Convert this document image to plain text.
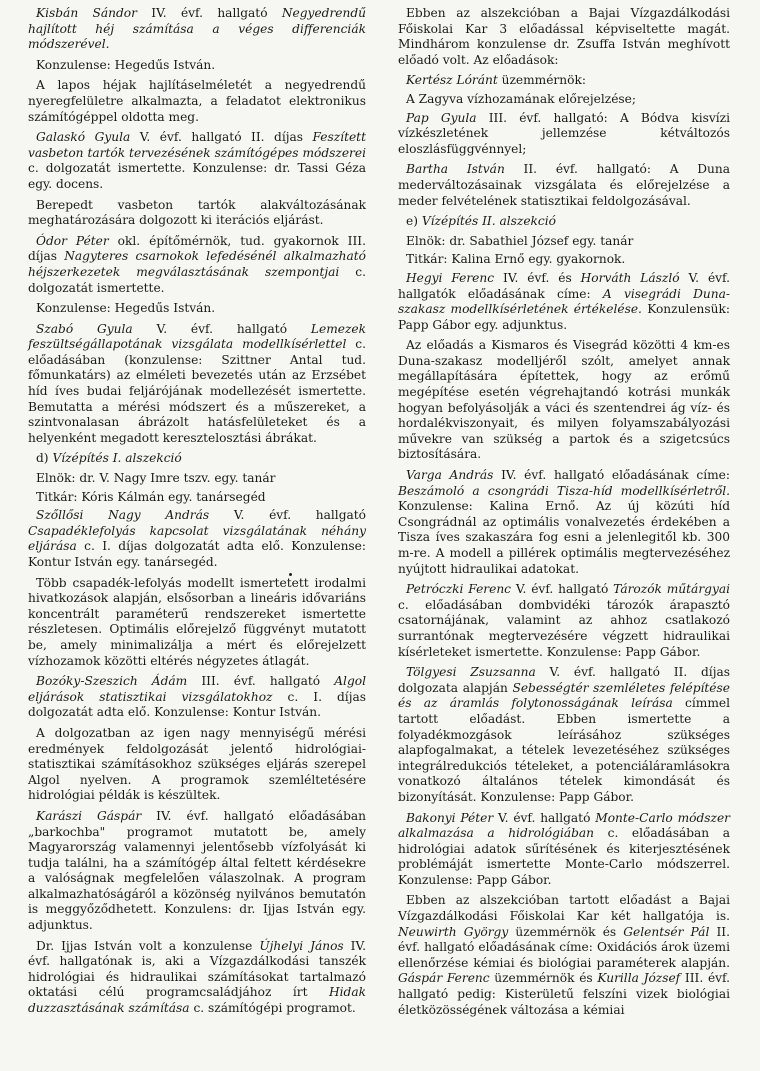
Kisbán Sándor IV. évf. hallgató Negyedrendű hajlított héj számítása a véges differenciák módszerével.

Konzulense: Hegedűs István.

A lapos héjak hajlításelméletét a negyedrendű nyeregfelületre alkalmazta, a feladatot elektronikus számítógéppel oldotta meg.

Galaskó Gyula V. évf. hallgató II. díjas Feszített vasbeton tartók tervezésének számítógépes módszerei c. dolgozatát ismertette. Konzulense: dr. Tassi Géza egy. docens.

Berepedt vasbeton tartók alakváltozásának meghatározására dolgozott ki iterációs eljárást.

Ódor Péter okl. építőmérnök, tud. gyakornok III. díjas Nagyteres csarnokok lefedésénél alkalmazható héjszerkezetek megválasztásának szempontjai c. dolgozatát ismertette.

Konzulense: Hegedűs István.

Szabó Gyula V. évf. hallgató Lemezek feszültségállapotának vizsgálata modellkísérlettel c. előadásában (konzulense: Szittner Antal tud. főmunkatárs) az elméleti bevezetés után az Erzsébet híd íves budai feljárójának modellezését ismertette. Bemutatta a mérési módszert és a műszereket, a szintvonalasan ábrázolt hatásfelületeket és a helyenként megadott keresztelosztási ábrákat.

d) Vízépítés I. alszekció

Elnök: dr. V. Nagy Imre tszv. egy. tanár

Titkár: Kóris Kálmán egy. tanársegéd

Szőllősi Nagy András V. évf. hallgató Csapadéklefolyás kapcsolat vizsgálatának néhány eljárása c. I. díjas dolgozatát adta elő. Konzulense: Kontur István egy. tanársegéd.

Több csapadék-lefolyás modellt ismertetett irodalmi hivatkozások alapján, elsősorban a lineáris idővariáns koncentrált paraméterű rendszereket ismertette részletesen. Optimális előrejelző függvényt mutatott be, amely minimalizálja a mért és előrejelzett vízhozamok közötti eltérés négyzetes átlagát.

Bozóky-Szeszich Ádám III. évf. hallgató Algol eljárások statisztikai vizsgálatokhoz c. I. díjas dolgozatát adta elő. Konzulense: Kontur István.

A dolgozatban az igen nagy mennyiségű mérési eredmények feldolgozását jelentő hidrológiai-statisztikai számításokhoz szükséges eljárás szerepel Algol nyelven. A programok szemléltetésére hidrológiai példák is készültek.

Karászi Gáspár IV. évf. hallgató előadásában „barkochba" programot mutatott be, amely Magyarország valamennyi jelentősebb vízfolyását ki tudja találni, ha a számítógép által feltett kérdésekre a valóságnak megfelelően válaszolnak. A program alkalmazhatóságáról a közönség nyilvános bemutatón is meggyőződhetett. Konzulens: dr. Ijjas István egy. adjunktus.

Dr. Ijjas István volt a konzulense Újhelyi János IV. évf. hallgatónak is, aki a Vízgazdálkodási tanszék hidrológiai és hidraulikai számításokat tartalmazó oktatási célú programcsaládjához írt Hidak duzzasztásának számítása c. számítógépi programot.

Ebben az alszekcióban a Bajai Vízgazdálkodási Főiskolai Kar 3 előadással képviseltette magát. Mindhárom konzulense dr. Zsuffa István meghívott előadó volt. Az előadások:

Kertész Lóránt üzemmérnök:

A Zagyva vízhozamának előrejelzése;

Pap Gyula III. évf. hallgató: A Bódva kisvízi vízkészletének jellemzése kétváltozós eloszlásfüggvénnyel;

Bartha István II. évf. hallgató: A Duna mederváltozásainak vizsgálata és előrejelzése a meder felvételének statisztikai feldolgozásával.

e) Vízépítés II. alszekció

Elnök: dr. Sabathiel József egy. tanár

Titkár: Kalina Ernő egy. gyakornok.

Hegyi Ferenc IV. évf. és Horváth László V. évf. hallgatók előadásának címe: A visegrádi Duna-szakasz modellkísérletének értékelése. Konzulensük: Papp Gábor egy. adjunktus.

Az előadás a Kismaros és Visegrád közötti 4 km-es Duna-szakasz modelljéről szólt, amelyet annak megállapítására építettek, hogy az erőmű megépítése esetén végrehajtandó kotrási munkák hogyan befolyásolják a váci és szentendrei ág víz- és hordalékviszonyait, és milyen folyamszabályozási művekre van szükség a partok és a szigetcsúcs biztosítására.

Varga András IV. évf. hallgató előadásának címe: Beszámoló a csongrádi Tisza-híd modellkísérletről. Konzulense: Kalina Ernő. Az új közúti híd Csongrádnál az optimális vonalvezetés érdekében a Tisza íves szakaszára fog esni a jelenlegitől kb. 300 m-re. A modell a pillérek optimális megtervezéséhez nyújtott hidraulikai adatokat.

Petróczki Ferenc V. évf. hallgató Tározók műtárgyai c. előadásában dombvidéki tározók árapasztó csatornájának, valamint az ahhoz csatlakozó surrantónak megtervezésére végzett hidraulikai kísérleteket ismertette. Konzulense: Papp Gábor.

Tölgyesi Zsuzsanna V. évf. hallgató II. díjas dolgozata alapján Sebességtér szemléletes felépítése és az áramlás folytonosságának leírása címmel tartott előadást. Ebben ismertette a folyadékmozgások leírásához szükséges alapfogalmakat, a tételek levezetéséhez szükséges integrálredukciós tételeket, a potenciáláramlásokra vonatkozó általános tételek kimondását és bizonyítását. Konzulense: Papp Gábor.

Bakonyi Péter V. évf. hallgató Monte-Carlo módszer alkalmazása a hidrológiában c. előadásában a hidrológiai adatok sűrítésének és kiterjesztésének problémáját ismertette Monte-Carlo módszerrel. Konzulense: Papp Gábor.

Ebben az alszekcióban tartott előadást a Bajai Vízgazdálkodási Főiskolai Kar két hallgatója is. Neuwirth György üzemmérnök és Gelentsér Pál II. évf. hallgató előadásának címe: Oxidációs árok üzemi ellenőrzése kémiai és biológiai paraméterek alapján. Gáspár Ferenc üzemmérnök és Kurilla József III. évf. hallgató pedig: Kisterületű felszíni vizek biológiai életközösségének változása a kémiai
